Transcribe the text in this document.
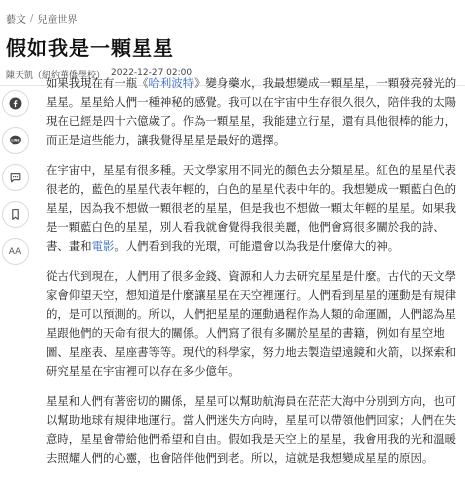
藝文 / 兒童世界
假如我是一顆星星
陳天凱（紐約華僑學校） 2022-12-27 02:00
LINE
AA

如果我現在有一瓶《哈利波特》變身藥水，我最想變成一顆星星，一顆發亮發光的星星。星星給人們一種神秘的感覺。我可以在宇宙中生存很久很久，陪伴我的太陽現在已經是四十六億歲了。作為一顆星星，我能建立行星，還有具他很棒的能力，而正是這些能力，讓我覺得星星是最好的選擇。

在宇宙中，星星有很多種。天文學家用不同光的顏色去分類星星。紅色的星星代表很老的，藍色的星星代表年輕的，白色的星星代表中年的。我想變成一顆藍白色的星星，因為我不想做一顆很老的星星，但是我也不想做一顆太年輕的星星。如果我是一顆藍白色的星星，別人看我就會覺得我很美麗，他們會寫很多關於我的詩、書、畫和電影。人們看到我的光環，可能還會以為我是什麼偉大的神。

從古代到現在，人們用了很多金錢、資源和人力去研究星星是什麼。古代的天文學家會仰望天空，想知道是什麼讓星星在天空裡運行。人們看到星星的運動是有規律的，是可以預測的。所以，人們把星星的運動過程作為人類的命運圖，人們認為星星跟他們的天命有很大的關係。人們寫了很有多關於星星的書籍，例如有星空地圖、星座表、星座書等等。現代的科學家，努力地去製造望遠鏡和火箭，以探索和研究星星在宇宙裡可以存在多少億年。

星星和人們有著密切的關係，星星可以幫助航海員在茫茫大海中分別到方向，也可以幫助地球有規律地運行。當人們迷失方向時，星星可以帶領他們回家；人們在失意時，星星會帶給他們希望和自由。假如我是天空上的星星，我會用我的光和溫暖去照耀人們的心靈，也會陪伴他們到老。所以，這就是我想變成星星的原因。
